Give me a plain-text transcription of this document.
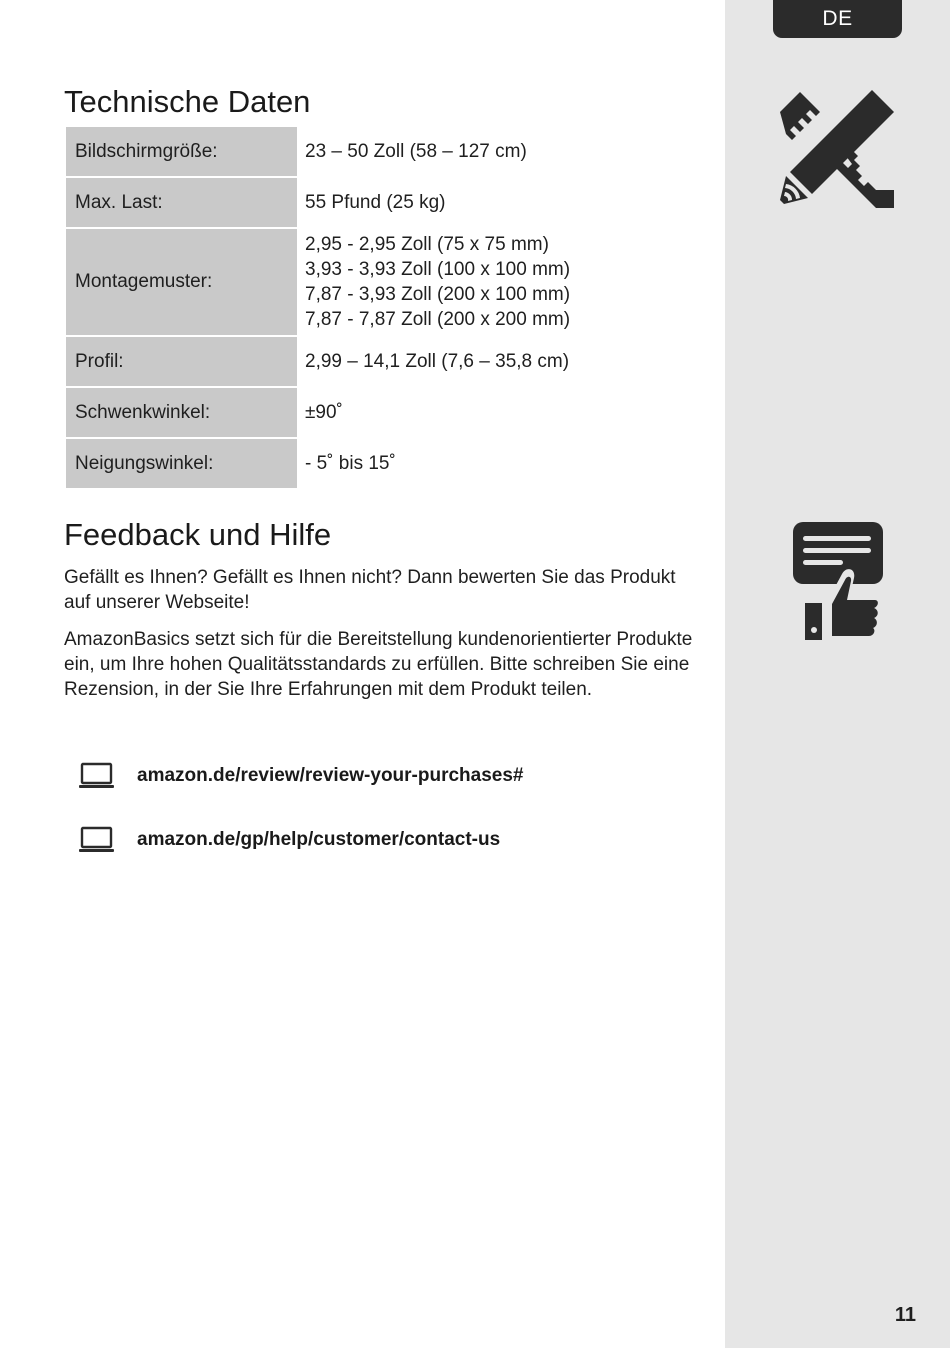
DE
Technische Daten
Bildschirmgröße:	23 – 50 Zoll (58 – 127 cm)

Max. Last:	55 Pfund (25 kg)

Montagemuster:	2,95 - 2,95 Zoll (75 x 75 mm)
3,93 - 3,93 Zoll (100 x 100 mm)
7,87 - 3,93 Zoll (200 x 100 mm)
7,87 - 7,87 Zoll (200 x 200 mm)

Profil:	2,99 – 14,1 Zoll (7,6 – 35,8 cm)

Schwenkwinkel:	±90˚

Neigungswinkel:	- 5˚ bis 15˚
Feedback und Hilfe

Gefällt es Ihnen? Gefällt es Ihnen nicht? Dann bewerten Sie das Produkt auf unserer Webseite!

AmazonBasics setzt sich für die Bereitstellung kundenorientierter Produkte ein, um Ihre hohen Qualitätsstandards zu erfüllen. Bitte schreiben Sie eine Rezension, in der Sie Ihre Erfahrungen mit dem Produkt teilen.

amazon.de/review/review-your-purchases#
amazon.de/gp/help/customer/contact-us
11
